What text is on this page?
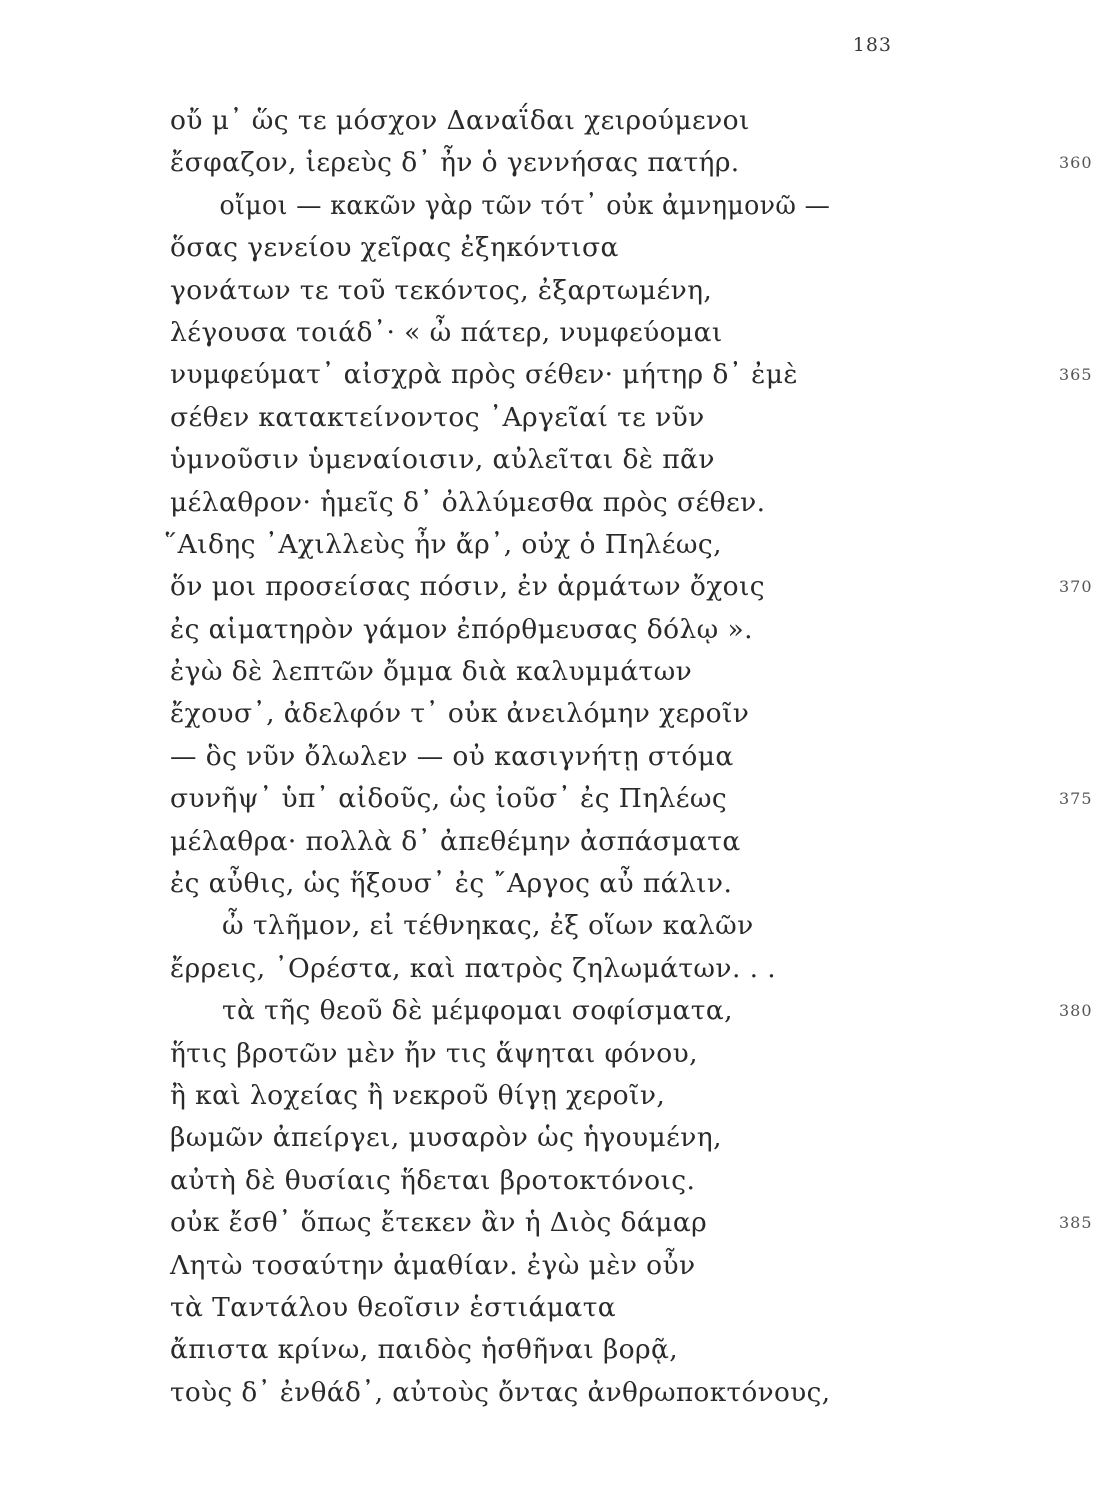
183
οὔ μ᾽ ὥς τε μόσχον Δαναΐδαι χειρούμενοι
ἔσφαζον, ἱερεὺς δ᾽ ἦν ὁ γεννήσας πατήρ.	360
οἴμοι — κακῶν γὰρ τῶν τότ᾽ οὐκ ἀμνημονῶ —
ὅσας γενείου χεῖρας ἐξηκόντισα
γονάτων τε τοῦ τεκόντος, ἐξαρτωμένη,
λέγουσα τοιάδ᾽· « ὦ πάτερ, νυμφεύομαι
νυμφεύματ᾽ αἰσχρὰ πρὸς σέθεν· μήτηρ δ᾽ ἐμὲ	365
σέθεν κατακτείνοντος ᾽Αργεῖαί τε νῦν
ὑμνοῦσιν ὑμεναίοισιν, αὐλεῖται δὲ πᾶν
μέλαθρον· ἡμεῖς δ᾽ ὀλλύμεσθα πρὸς σέθεν.
῞Αιδης ᾽Αχιλλεὺς ἦν ἄρ᾽, οὐχ ὁ Πηλέως,
ὅν μοι προσείσας πόσιν, ἐν ἁρμάτων ὄχοις	370
ἐς αἱματηρὸν γάμον ἐπόρθμευσας δόλῳ ».
ἐγὼ δὲ λεπτῶν ὄμμα διὰ καλυμμάτων
ἔχουσ᾽, ἀδελφόν τ᾽ οὐκ ἀνειλόμην χεροῖν
— ὃς νῦν ὄλωλεν — οὐ κασιγνήτῃ στόμα
συνῆψ᾽ ὑπ᾽ αἰδοῦς, ὡς ἰοῦσ᾽ ἐς Πηλέως	375
μέλαθρα· πολλὰ δ᾽ ἀπεθέμην ἀσπάσματα
ἐς αὖθις, ὡς ἥξουσ᾽ ἐς ῎Αργος αὖ πάλιν.
ὦ τλῆμον, εἰ τέθνηκας, ἐξ οἵων καλῶν
ἔρρεις, ᾽Ορέστα, καὶ πατρὸς ζηλωμάτων. . .
τὰ τῆς θεοῦ δὲ μέμφομαι σοφίσματα,	380
ἥτις βροτῶν μὲν ἤν τις ἅψηται φόνου,
ἢ καὶ λοχείας ἢ νεκροῦ θίγῃ χεροῖν,
βωμῶν ἀπείργει, μυσαρὸν ὡς ἡγουμένη,
αὐτὴ δὲ θυσίαις ἥδεται βροτοκτόνοις.
οὐκ ἔσθ᾽ ὅπως ἔτεκεν ἂν ἡ Διὸς δάμαρ	385
Λητὼ τοσαύτην ἀμαθίαν. ἐγὼ μὲν οὖν
τὰ Ταντάλου θεοῖσιν ἑστιάματα
ἄπιστα κρίνω, παιδὸς ἡσθῆναι βορᾷ,
τοὺς δ᾽ ἐνθάδ᾽, αὐτοὺς ὄντας ἀνθρωποκτόνους,
